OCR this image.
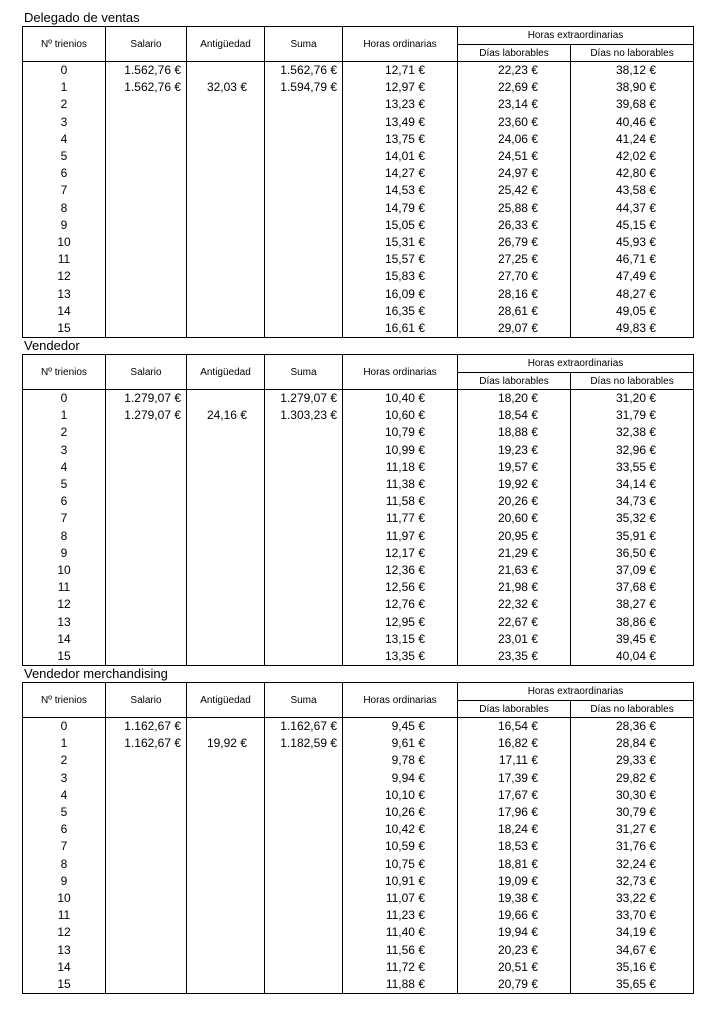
Delegado de ventas
Nº trienios	Salario	Antigüedad	Suma	Horas ordinarias	Horas extraordinarias	
					Días laborables	Días no laborables
0	1.562,76 €		1.562,76 €	12,71 €	22,23 €	38,12 €
1	1.562,76 €	32,03 €	1.594,79 €	12,97 €	22,69 €	38,90 €
2				13,23 €	23,14 €	39,68 €
3				13,49 €	23,60 €	40,46 €
4				13,75 €	24,06 €	41,24 €
5				14,01 €	24,51 €	42,02 €
6				14,27 €	24,97 €	42,80 €
7				14,53 €	25,42 €	43,58 €
8				14,79 €	25,88 €	44,37 €
9				15,05 €	26,33 €	45,15 €
10				15,31 €	26,79 €	45,93 €
11				15,57 €	27,25 €	46,71 €
12				15,83 €	27,70 €	47,49 €
13				16,09 €	28,16 €	48,27 €
14				16,35 €	28,61 €	49,05 €
15				16,61 €	29,07 €	49,83 €
Vendedor
Nº trienios	Salario	Antigüedad	Suma	Horas ordinarias	Horas extraordinarias	
					Días laborables	Días no laborables
0	1.279,07 €		1.279,07 €	10,40 €	18,20 €	31,20 €
1	1.279,07 €	24,16 €	1.303,23 €	10,60 €	18,54 €	31,79 €
2				10,79 €	18,88 €	32,38 €
3				10,99 €	19,23 €	32,96 €
4				11,18 €	19,57 €	33,55 €
5				11,38 €	19,92 €	34,14 €
6				11,58 €	20,26 €	34,73 €
7				11,77 €	20,60 €	35,32 €
8				11,97 €	20,95 €	35,91 €
9				12,17 €	21,29 €	36,50 €
10				12,36 €	21,63 €	37,09 €
11				12,56 €	21,98 €	37,68 €
12				12,76 €	22,32 €	38,27 €
13				12,95 €	22,67 €	38,86 €
14				13,15 €	23,01 €	39,45 €
15				13,35 €	23,35 €	40,04 €
Vendedor merchandising
Nº trienios	Salario	Antigüedad	Suma	Horas ordinarias	Horas extraordinarias	
					Días laborables	Días no laborables
0	1.162,67 €		1.162,67 €	9,45 €	16,54 €	28,36 €
1	1.162,67 €	19,92 €	1.182,59 €	9,61 €	16,82 €	28,84 €
2				9,78 €	17,11 €	29,33 €
3				9,94 €	17,39 €	29,82 €
4				10,10 €	17,67 €	30,30 €
5				10,26 €	17,96 €	30,79 €
6				10,42 €	18,24 €	31,27 €
7				10,59 €	18,53 €	31,76 €
8				10,75 €	18,81 €	32,24 €
9				10,91 €	19,09 €	32,73 €
10				11,07 €	19,38 €	33,22 €
11				11,23 €	19,66 €	33,70 €
12				11,40 €	19,94 €	34,19 €
13				11,56 €	20,23 €	34,67 €
14				11,72 €	20,51 €	35,16 €
15				11,88 €	20,79 €	35,65 €
